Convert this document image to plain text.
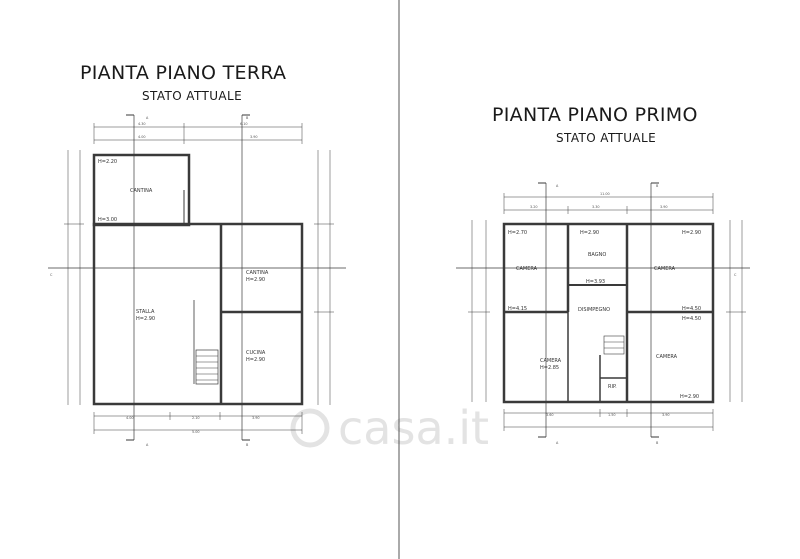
casa.it
H=2.20
CANTINA
H=3.00
STALLA
H=2.90
CANTINA
H=2.90
CUCINA
H=2.90
4.30	6.10
4.00	3.90
4.00	2.10	3.90
5.00
A	B
A	B
C
H=2.70
CAMERA
H=4.15
H=2.90
BAGNO
H=3.93
H=2.90
CAMERA
H=4.50
DISIMPEGNO
CAMERA
H=2.85
RIP.
CAMERA
H=4.50
H=2.90
11.00
3.20	3.30	3.90
3.60	1.50	3.90
A	B
A	B
C
PIANTA PIANO TERRA
STATO ATTUALE
PIANTA PIANO PRIMO
STATO ATTUALE
